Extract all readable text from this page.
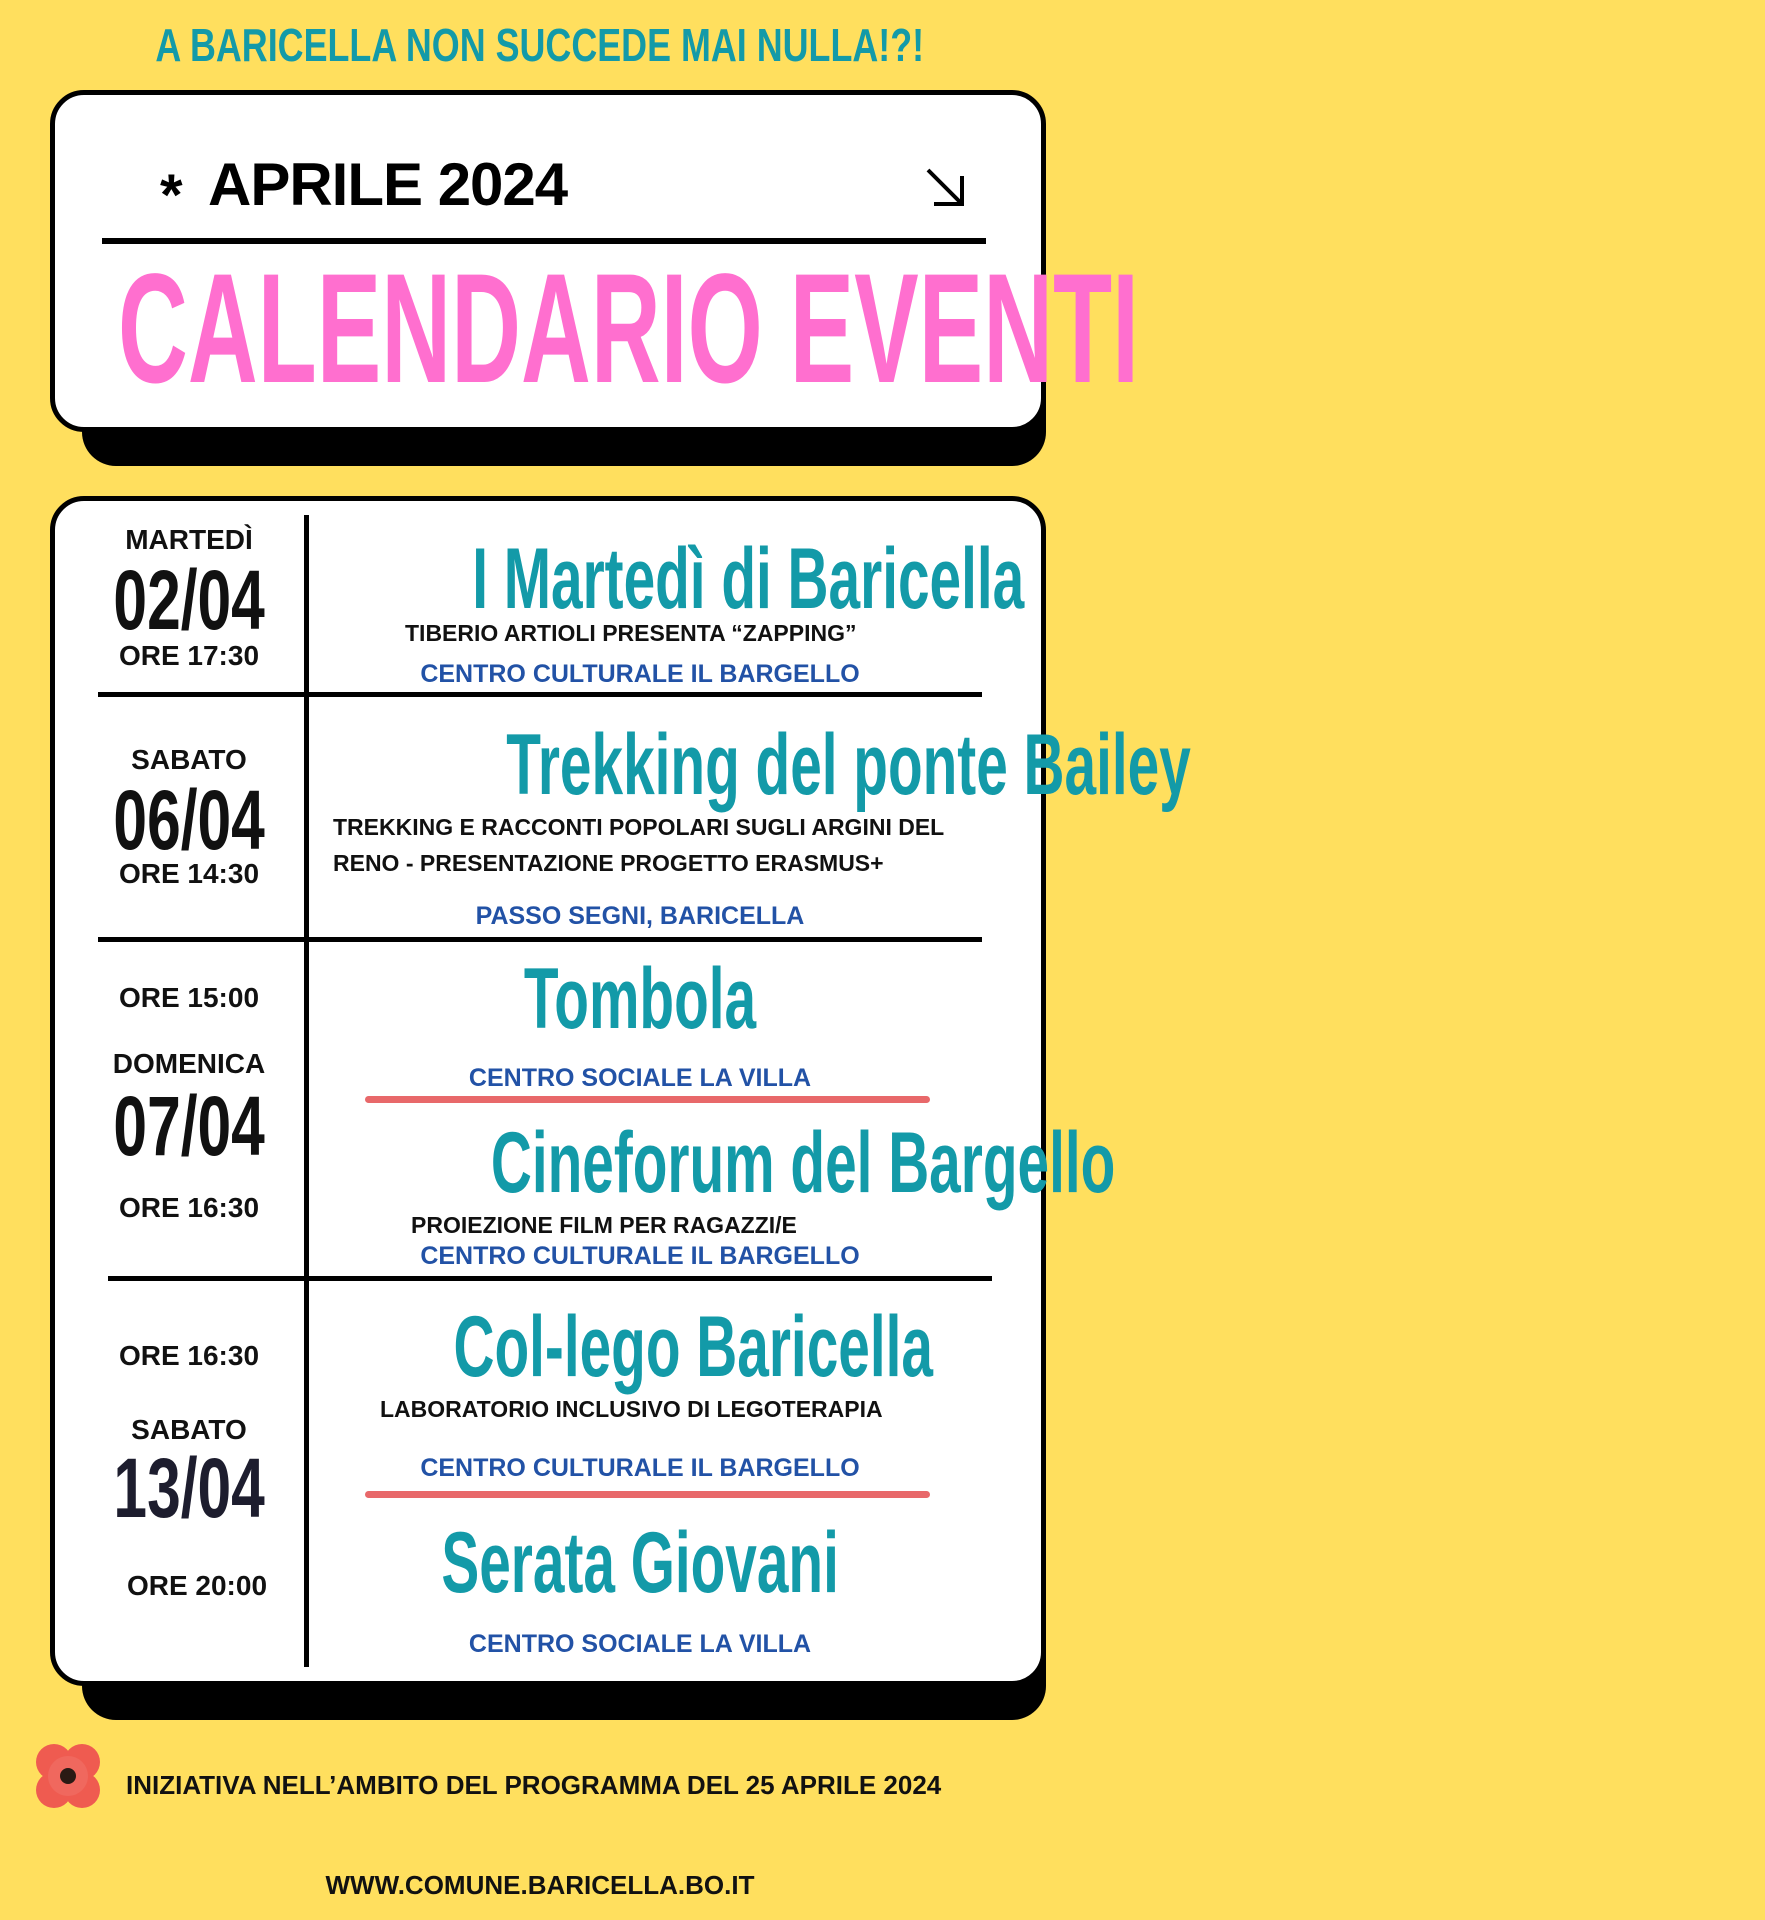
A BARICELLA NON SUCCEDE MAI NULLA!?!
* APRILE 2024
CALENDARIO EVENTI
MARTEDÌ
02/04
ORE 17:30
SABATO
06/04
ORE 14:30
ORE 15:00
DOMENICA
07/04
ORE 16:30
ORE 16:30
SABATO
13/04
ORE 20:00
I Martedì di Baricella
TIBERIO ARTIOLI PRESENTA “ZAPPING”
CENTRO CULTURALE IL BARGELLO
Trekking del ponte Bailey
TREKKING E RACCONTI POPOLARI SUGLI ARGINI DEL
RENO - PRESENTAZIONE PROGETTO ERASMUS+
PASSO SEGNI, BARICELLA
Tombola
CENTRO SOCIALE LA VILLA
Cineforum del Bargello
PROIEZIONE FILM PER RAGAZZI/E
CENTRO CULTURALE IL BARGELLO
Col-lego Baricella
LABORATORIO INCLUSIVO DI LEGOTERAPIA
CENTRO CULTURALE IL BARGELLO
Serata Giovani
CENTRO SOCIALE LA VILLA
INIZIATIVA NELL’AMBITO DEL PROGRAMMA DEL 25 APRILE 2024
WWW.COMUNE.BARICELLA.BO.IT
